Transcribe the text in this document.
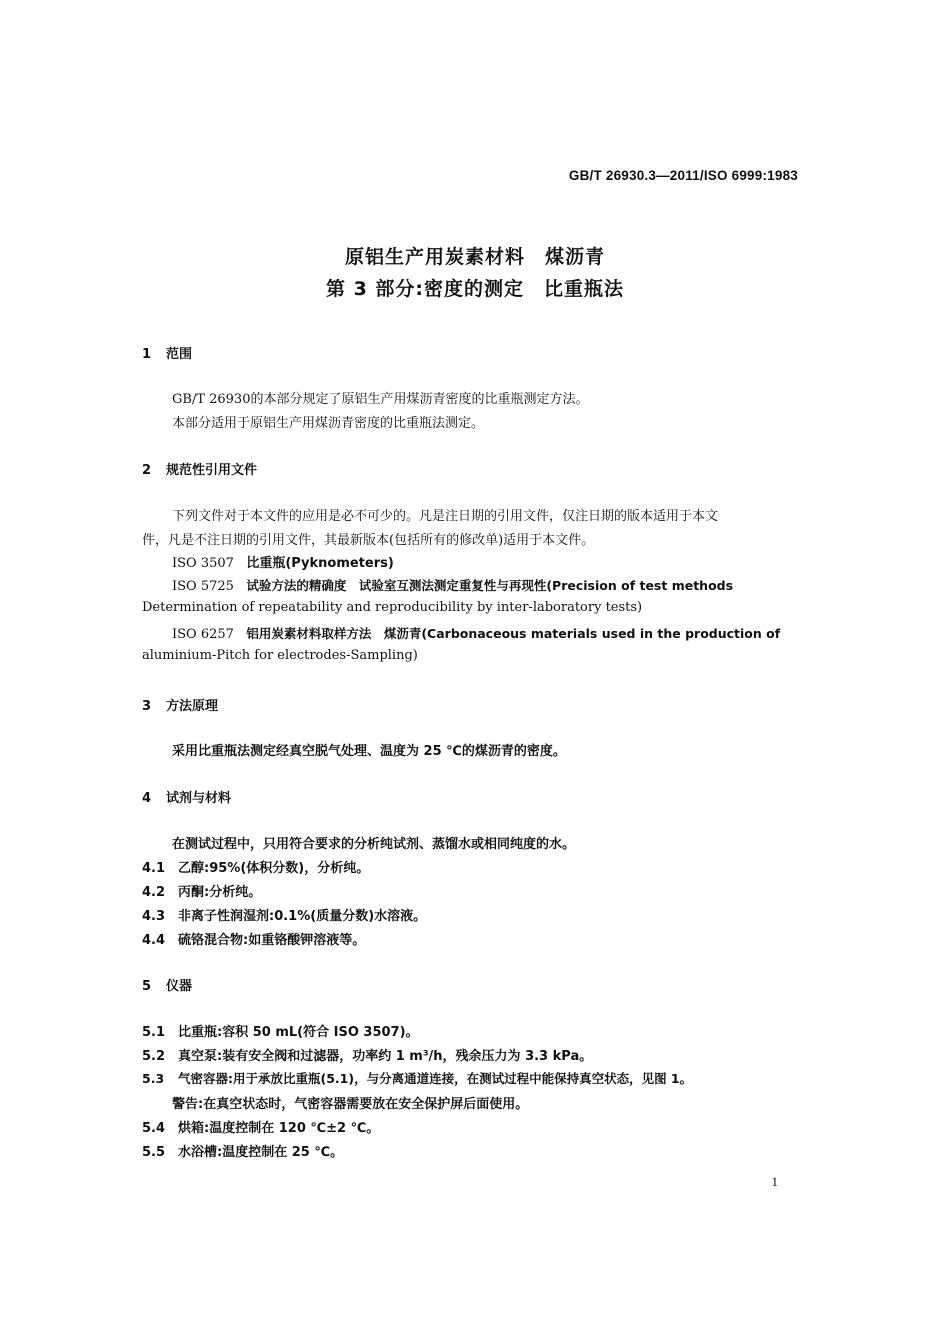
GB/T 26930.3—2011/ISO 6999:1983
原铝生产用炭素材料　煤沥青
第 3 部分:密度的测定　比重瓶法
1 范围
GB/T 26930的本部分规定了原铝生产用煤沥青密度的比重瓶测定方法。
本部分适用于原铝生产用煤沥青密度的比重瓶法测定。
2 规范性引用文件
下列文件对于本文件的应用是必不可少的。凡是注日期的引用文件，仅注日期的版本适用于本文
件，凡是不注日期的引用文件，其最新版本(包括所有的修改单)适用于本文件。
ISO 3507 比重瓶(Pyknometers)
ISO 5725 试验方法的精确度　试验室互测法测定重复性与再现性(Precision of test methods
Determination of repeatability and reproducibility by inter-laboratory tests)
ISO 6257 铝用炭素材料取样方法　煤沥青(Carbonaceous materials used in the production of
aluminium-Pitch for electrodes-Sampling)
3 方法原理
采用比重瓶法测定经真空脱气处理、温度为 25 ℃的煤沥青的密度。
4 试剂与材料
在测试过程中，只用符合要求的分析纯试剂、蒸馏水或相同纯度的水。
4.1 乙醇:95%(体积分数)，分析纯。
4.2 丙酮:分析纯。
4.3 非离子性润湿剂:0.1%(质量分数)水溶液。
4.4 硫铬混合物:如重铬酸钾溶液等。
5 仪器
5.1 比重瓶:容积 50 mL(符合 ISO 3507)。
5.2 真空泵:装有安全阀和过滤器，功率约 1 m³/h，残余压力为 3.3 kPa。
5.3 气密容器:用于承放比重瓶(5.1)，与分离通道连接，在测试过程中能保持真空状态，见图 1。
警告:在真空状态时，气密容器需要放在安全保护屏后面使用。
5.4 烘箱:温度控制在 120 ℃±2 ℃。
5.5 水浴槽:温度控制在 25 ℃。
1
